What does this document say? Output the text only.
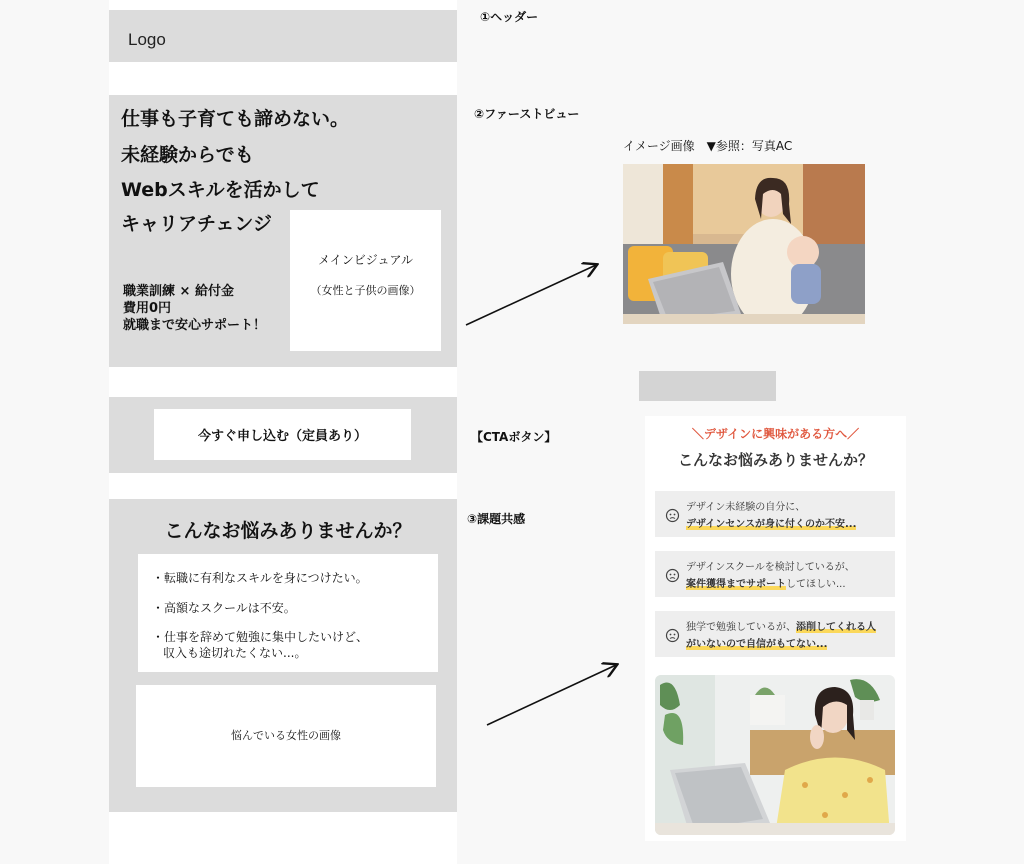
Logo
仕事も子育ても諦めない。
未経験からでも
Webスキルを活かして
キャリアチェンジ
職業訓練 × 給付金
費用0円
就職まで安心サポート！
メインビジュアル
（女性と子供の画像）
今すぐ申し込む（定員あり）
こんなお悩みありませんか？
・転職に有利なスキルを身につけたい。
・高額なスクールは不安。
・仕事を辞めて勉強に集中したいけど、
収入も途切れたくない...。
悩んでいる女性の画像
①ヘッダー
②ファーストビュー
【CTAボタン】
③課題共感
イメージ画像　▼参照：写真AC
＼デザインに興味がある方へ／
こんなお悩みありませんか？
デザイン未経験の自分に、
デザインセンスが身に付くのか不安...
デザインスクールを検討しているが、
案件獲得までサポートしてほしい...
独学で勉強しているが、添削してくれる人
がいないので自信がもてない...
